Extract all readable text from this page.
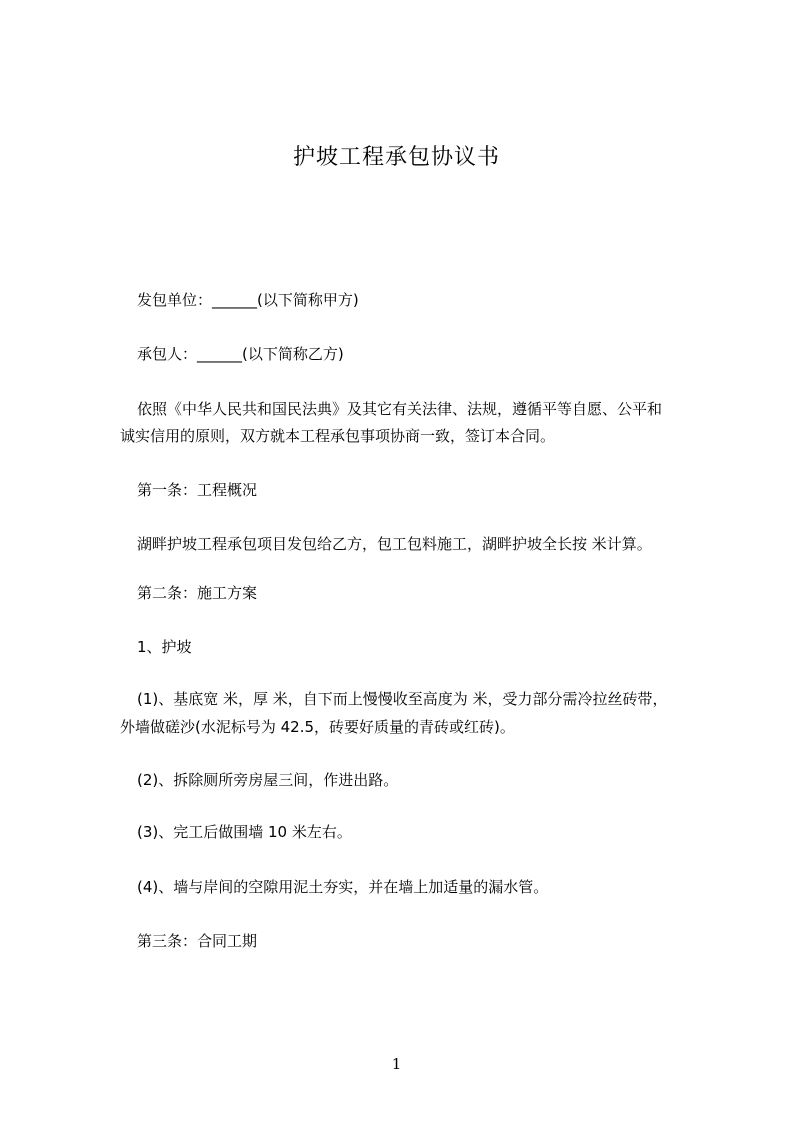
护坡工程承包协议书
发包单位：______(以下简称甲方)
承包人：______(以下简称乙方)
依照《中华人民共和国民法典》及其它有关法律、法规，遵循平等自愿、公平和
诚实信用的原则，双方就本工程承包事项协商一致，签订本合同。
第一条：工程概况
湖畔护坡工程承包项目发包给乙方，包工包料施工，湖畔护坡全长按 米计算。
第二条：施工方案
1、护坡
(1)、基底宽 米，厚 米，自下而上慢慢收至高度为 米，受力部分需冷拉丝砖带，
外墙做磋沙(水泥标号为 42.5，砖要好质量的青砖或红砖)。
(2)、拆除厕所旁房屋三间，作进出路。
(3)、完工后做围墙 10 米左右。
(4)、墙与岸间的空隙用泥土夯实，并在墙上加适量的漏水管。
第三条：合同工期
1
